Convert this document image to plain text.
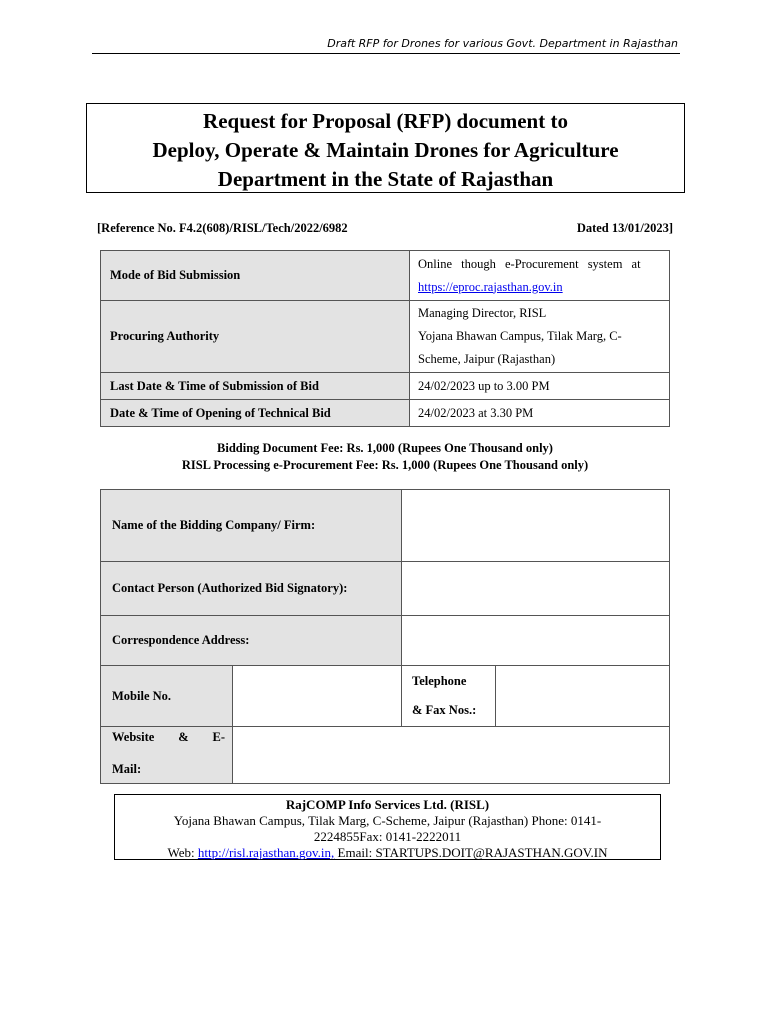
Draft RFP for Drones for various Govt. Department in Rajasthan
Request for Proposal (RFP) document to
Deploy, Operate & Maintain Drones for Agriculture
Department in the State of Rajasthan
[Reference No. F4.2(608)/RISL/Tech/2022/6982	Dated 13/01/2023]
Mode of Bid Submission	Online though e-Procurement system at
https://eproc.rajasthan.gov.in
Procuring Authority	Managing Director, RISL
Yojana Bhawan Campus, Tilak Marg, C-
Scheme, Jaipur (Rajasthan)

Last Date & Time of Submission of Bid	24/02/2023 up to 3.00 PM
Date & Time of Opening of Technical Bid	24/02/2023 at 3.30 PM
Bidding Document Fee: Rs. 1,000 (Rupees One Thousand only)
RISL Processing e-Procurement Fee: Rs. 1,000 (Rupees One Thousand only)
Name of the Bidding Company/ Firm:			
Contact Person (Authorized Bid Signatory):			
Correspondence Address:			
Mobile No.		Telephone
& Fax Nos.:	

Website & E-
Mail:			

RajCOMP Info Services Ltd. (RISL)
Yojana Bhawan Campus, Tilak Marg, C-Scheme, Jaipur (Rajasthan) Phone: 0141-
2224855Fax: 0141-2222011
Web: http://risl.rajasthan.gov.in, Email: STARTUPS.DOIT@RAJASTHAN.GOV.IN
